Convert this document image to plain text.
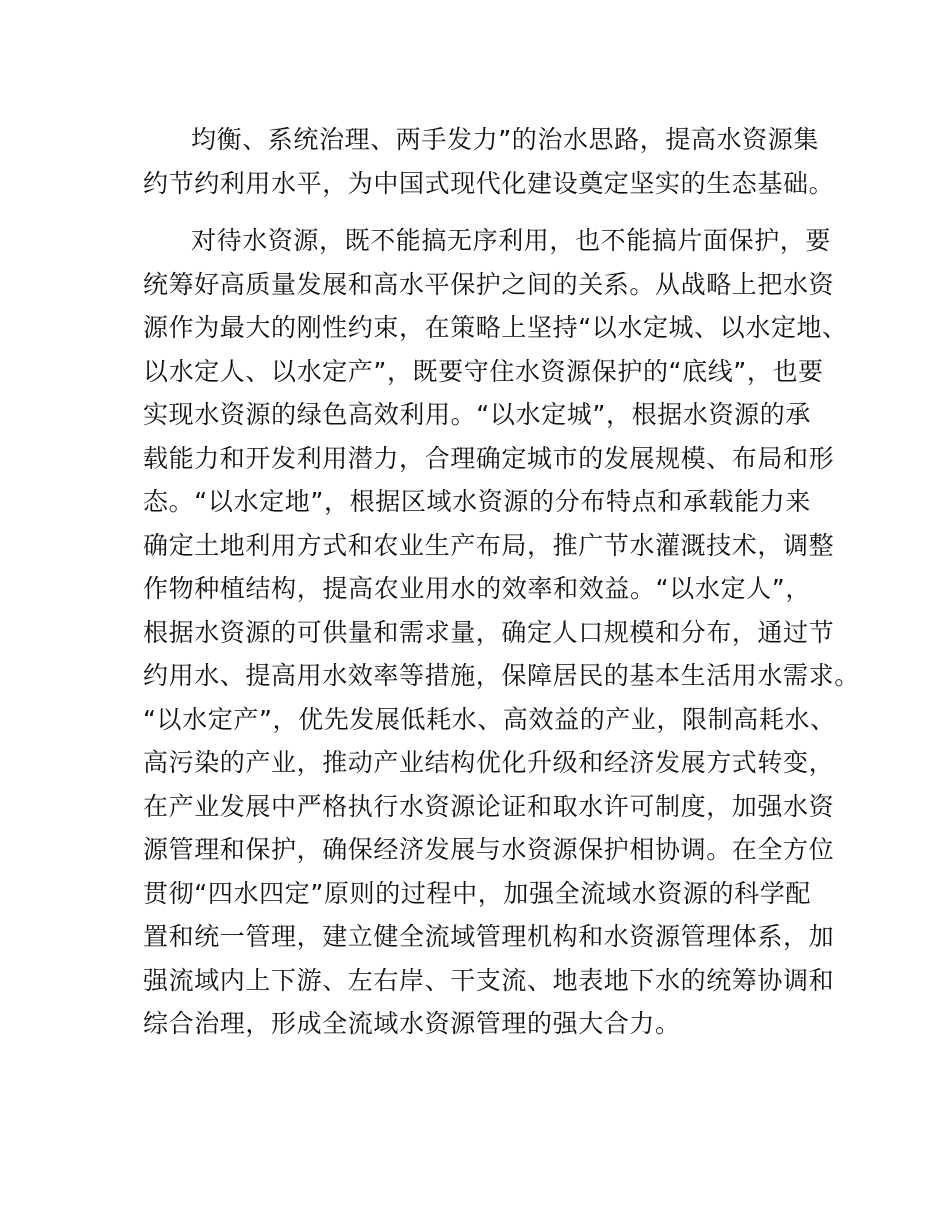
均衡、系统治理、两手发力”的治水思路，提高水资源集
约节约利用水平，为中国式现代化建设奠定坚实的生态基础。
对待水资源，既不能搞无序利用，也不能搞片面保护，要
统筹好高质量发展和高水平保护之间的关系。从战略上把水资
源作为最大的刚性约束，在策略上坚持“以水定城、以水定地、
以水定人、以水定产”，既要守住水资源保护的“底线”，也要
实现水资源的绿色高效利用。“以水定城”，根据水资源的承
载能力和开发利用潜力，合理确定城市的发展规模、布局和形
态。“以水定地”，根据区域水资源的分布特点和承载能力来
确定土地利用方式和农业生产布局，推广节水灌溉技术，调整
作物种植结构，提高农业用水的效率和效益。“以水定人”，
根据水资源的可供量和需求量，确定人口规模和分布，通过节
约用水、提高用水效率等措施，保障居民的基本生活用水需求。
“以水定产”，优先发展低耗水、高效益的产业，限制高耗水、
高污染的产业，推动产业结构优化升级和经济发展方式转变，
在产业发展中严格执行水资源论证和取水许可制度，加强水资
源管理和保护，确保经济发展与水资源保护相协调。在全方位
贯彻“四水四定”原则的过程中，加强全流域水资源的科学配
置和统一管理，建立健全流域管理机构和水资源管理体系，加
强流域内上下游、左右岸、干支流、地表地下水的统筹协调和
综合治理，形成全流域水资源管理的强大合力。
